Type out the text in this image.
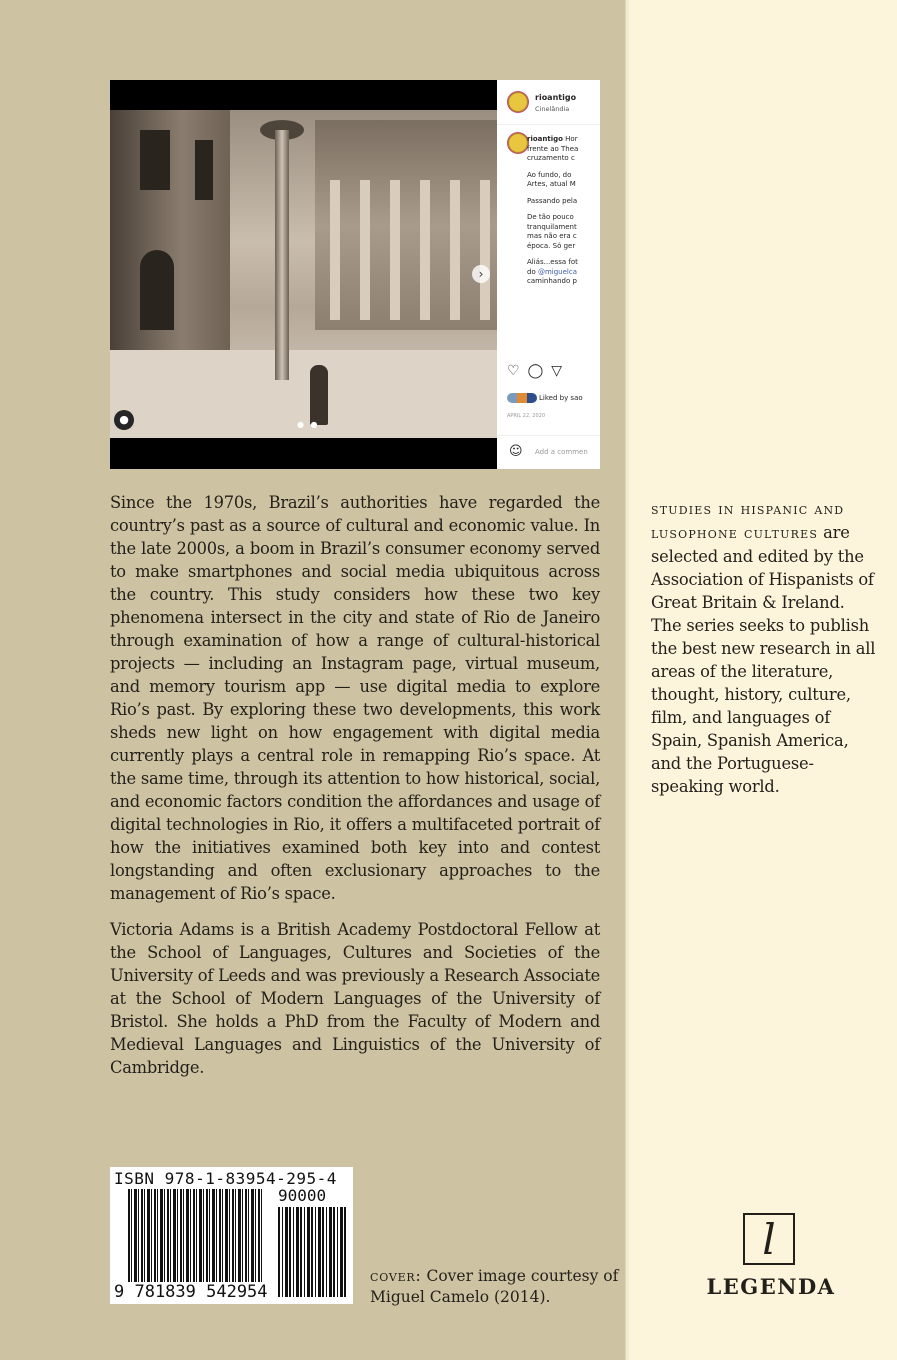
●	● ●
›
rioantigo
Cinelândia

rioantigo Hor
frente ao Thea
cruzamento c

Ao fundo, do
Artes, atual M

Passando pela

De tão pouco
tranquilament
mas não era c
época. Só ger

Aliás...essa fot
do @miguelca
caminhando p

♡◯▽
Liked by sao
APRIL 22, 2020
☺ Add a commen

Since the 1970s, Brazil’s authorities have regarded the country’s past as a source of cultural and economic value. In the late 2000s, a boom in Brazil’s consumer economy served to make smartphones and social media ubiquitous across the country. This study considers how these two key phenomena intersect in the city and state of Rio de Janeiro through examination of how a range of cultural-historical projects — including an Instagram page, virtual museum, and memory tourism app — use digital media to explore Rio’s past. By exploring these two developments, this work sheds new light on how engagement with digital media currently plays a central role in remapping Rio’s space. At the same time, through its attention to how historical, social, and economic factors condition the affordances and usage of digital technologies in Rio, it offers a multifaceted portrait of how the initiatives examined both key into and contest longstanding and often exclusionary approaches to the management of Rio’s space.

Victoria Adams is a British Academy Postdoctoral Fellow at the School of Languages, Cultures and Societies of the University of Leeds and was previously a Research Associate at the School of Modern Languages of the University of Bristol. She holds a PhD from the Faculty of Modern and Medieval Languages and Linguistics of the University of Cambridge.
ISBN 978-1-83954-295-4
90000
9 781839 542954
cover: Cover image courtesy of Miguel Camelo (2014).
studies in hispanic and lusophone cultures are selected and edited by the Association of Hispanists of Great Britain & Ireland. The series seeks to publish the best new research in all areas of the literature, thought, history, culture, film, and languages of Spain, Spanish America, and the Portuguese-speaking world.
l
LEGENDA
